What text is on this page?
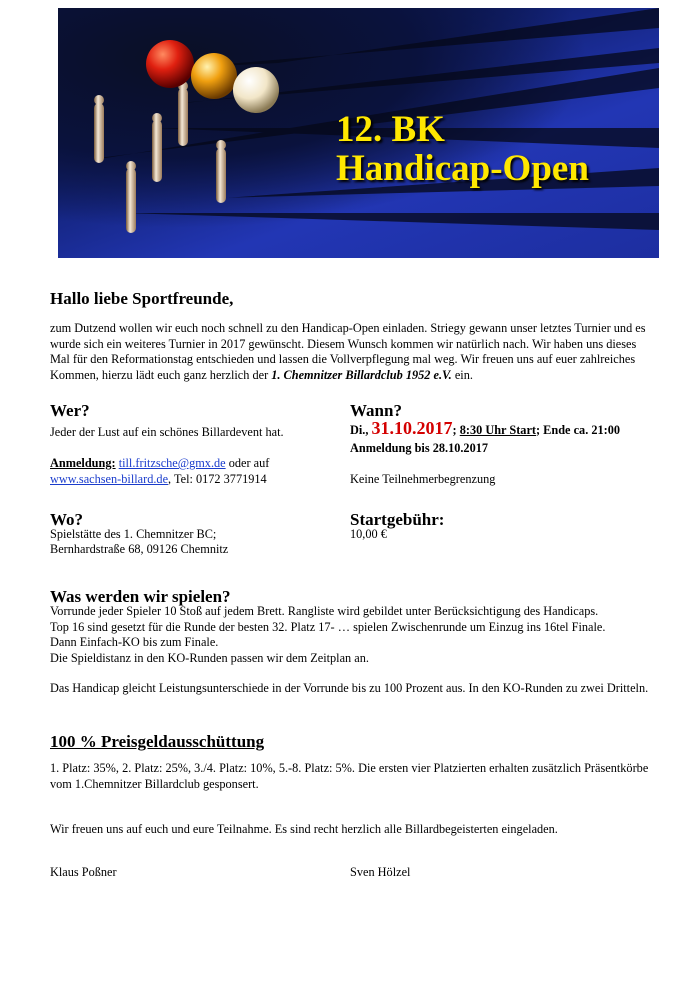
12. BK
Handicap-Open
Hallo liebe Sportfreunde,
zum Dutzend wollen wir euch noch schnell zu den Handicap-Open einladen. Striegy gewann unser letztes Turnier und es wurde sich ein weiteres Turnier in 2017 gewünscht. Diesem Wunsch kommen wir natürlich nach. Wir haben uns dieses Mal für den Reformationstag entschieden und lassen die Vollverpflegung mal weg. Wir freuen uns auf euer zahlreiches Kommen, hierzu lädt euch ganz herzlich der 1. Chemnitzer Billardclub 1952 e.V. ein.
Wer?
Jeder der Lust auf ein schönes Billardevent hat.
Anmeldung: till.fritzsche@gmx.de oder auf
www.sachsen-billard.de, Tel: 0172 3771914
Wann?
Di., 31.10.2017; 8:30 Uhr Start; Ende ca. 21:00
Anmeldung bis 28.10.2017
Keine Teilnehmerbegrenzung
Wo?
Spielstätte des 1. Chemnitzer BC;
Bernhardstraße 68, 09126 Chemnitz
Startgebühr:
10,00 €
Was werden wir spielen?
Vorrunde jeder Spieler 10 Stoß auf jedem Brett. Rangliste wird gebildet unter Berücksichtigung des Handicaps.
Top 16 sind gesetzt für die Runde der besten 32. Platz 17- … spielen Zwischenrunde um Einzug ins 16tel Finale.
Dann Einfach-KO bis zum Finale.
Die Spieldistanz in den KO-Runden passen wir dem Zeitplan an.
Das Handicap gleicht Leistungsunterschiede in der Vorrunde bis zu 100 Prozent aus. In den KO-Runden zu zwei Dritteln.
100 % Preisgeldausschüttung
1. Platz: 35%, 2. Platz: 25%, 3./4. Platz: 10%, 5.-8. Platz: 5%. Die ersten vier Platzierten erhalten zusätzlich Präsentkörbe vom 1.Chemnitzer Billardclub gesponsert.
Wir freuen uns auf euch und eure Teilnahme. Es sind recht herzlich alle Billardbegeisterten eingeladen.
Klaus Poßner	Sven Hölzel
